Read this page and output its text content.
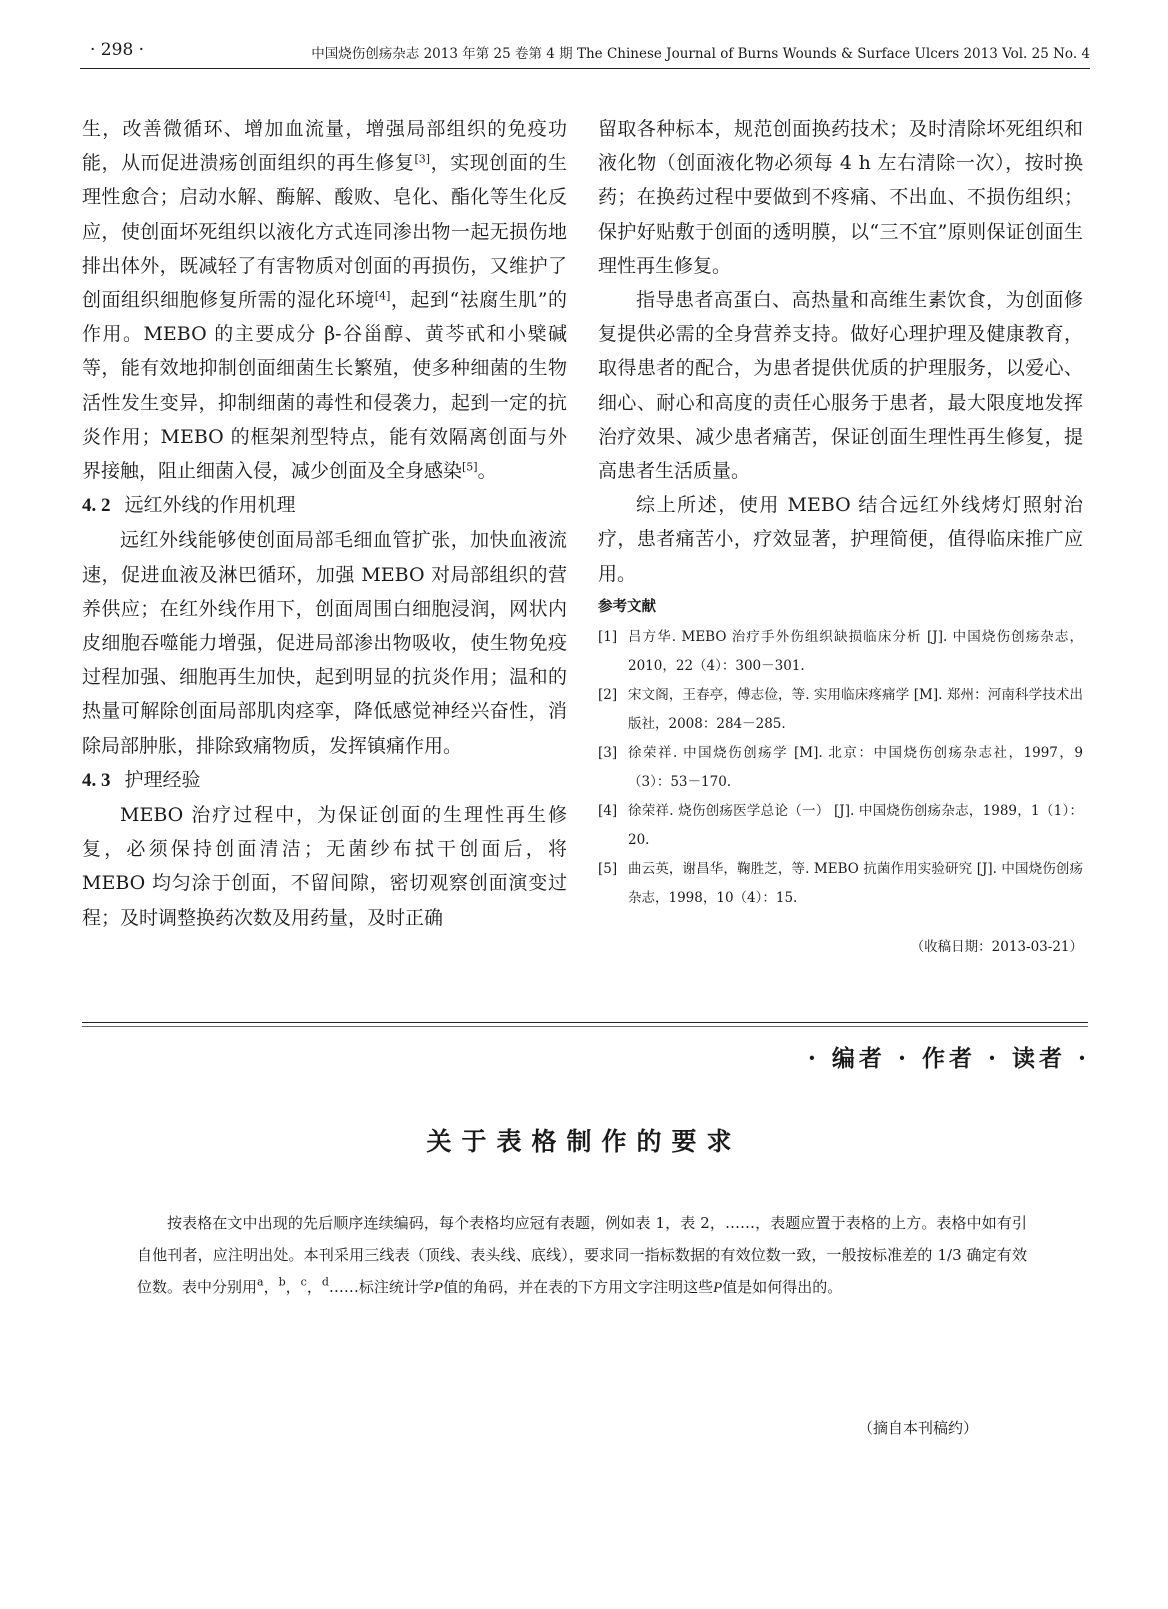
· 298 ·	中国烧伤创疡杂志 2013 年第 25 卷第 4 期 The Chinese Journal of Burns Wounds & Surface Ulcers 2013 Vol. 25 No. 4

生，改善微循环、增加血流量，增强局部组织的免疫功能，从而促进溃疡创面组织的再生修复[3]，实现创面的生理性愈合；启动水解、酶解、酸败、皂化、酯化等生化反应，使创面坏死组织以液化方式连同渗出物一起无损伤地排出体外，既减轻了有害物质对创面的再损伤，又维护了创面组织细胞修复所需的湿化环境[4]，起到“祛腐生肌”的作用。MEBO 的主要成分 β-谷甾醇、黄芩甙和小檗碱等，能有效地抑制创面细菌生长繁殖，使多种细菌的生物活性发生变异，抑制细菌的毒性和侵袭力，起到一定的抗炎作用；MEBO 的框架剂型特点，能有效隔离创面与外界接触，阻止细菌入侵，减少创面及全身感染[5]。

4. 2 远红外线的作用机理

远红外线能够使创面局部毛细血管扩张，加快血液流速，促进血液及淋巴循环，加强 MEBO 对局部组织的营养供应；在红外线作用下，创面周围白细胞浸润，网状内皮细胞吞噬能力增强，促进局部渗出物吸收，使生物免疫过程加强、细胞再生加快，起到明显的抗炎作用；温和的热量可解除创面局部肌肉痉挛，降低感觉神经兴奋性，消除局部肿胀，排除致痛物质，发挥镇痛作用。

4. 3 护理经验

MEBO 治疗过程中，为保证创面的生理性再生修复，必须保持创面清洁；无菌纱布拭干创面后，将 MEBO 均匀涂于创面，不留间隙，密切观察创面演变过程；及时调整换药次数及用药量，及时正确

留取各种标本，规范创面换药技术；及时清除坏死组织和液化物（创面液化物必须每 4 h 左右清除一次），按时换药；在换药过程中要做到不疼痛、不出血、不损伤组织；保护好贴敷于创面的透明膜，以“三不宜”原则保证创面生理性再生修复。

指导患者高蛋白、高热量和高维生素饮食，为创面修复提供必需的全身营养支持。做好心理护理及健康教育，取得患者的配合，为患者提供优质的护理服务，以爱心、细心、耐心和高度的责任心服务于患者，最大限度地发挥治疗效果、减少患者痛苦，保证创面生理性再生修复，提高患者生活质量。

综上所述，使用 MEBO 结合远红外线烤灯照射治疗，患者痛苦小，疗效显著，护理简便，值得临床推广应用。

参考文献
[1] 吕方华. MEBO 治疗手外伤组织缺损临床分析 [J]. 中国烧伤创疡杂志，2010，22（4）：300－301.
[2] 宋文阁，王春亭，傅志俭，等. 实用临床疼痛学 [M]. 郑州：河南科学技术出版社，2008：284－285.
[3] 徐荣祥. 中国烧伤创疡学 [M]. 北京：中国烧伤创疡杂志社，1997，9（3）：53－170.
[4] 徐荣祥. 烧伤创疡医学总论（一） [J]. 中国烧伤创疡杂志，1989，1（1）：20.
[5] 曲云英，谢昌华，鞠胜芝，等. MEBO 抗菌作用实验研究 [J]. 中国烧伤创疡杂志，1998，10（4）：15.
（收稿日期：2013-03-21）
· 编者 · 作者 · 读者 ·
关于表格制作的要求

按表格在文中出现的先后顺序连续编码，每个表格均应冠有表题，例如表 1，表 2，……，表题应置于表格的上方。表格中如有引自他刊者，应注明出处。本刊采用三线表（顶线、表头线、底线），要求同一指标数据的有效位数一致，一般按标准差的 1/3 确定有效位数。表中分别用$^a$，$^b$，$^c$，$^d$……标注统计学P值的角码，并在表的下方用文字注明这些P值是如何得出的。

（摘自本刊稿约）
